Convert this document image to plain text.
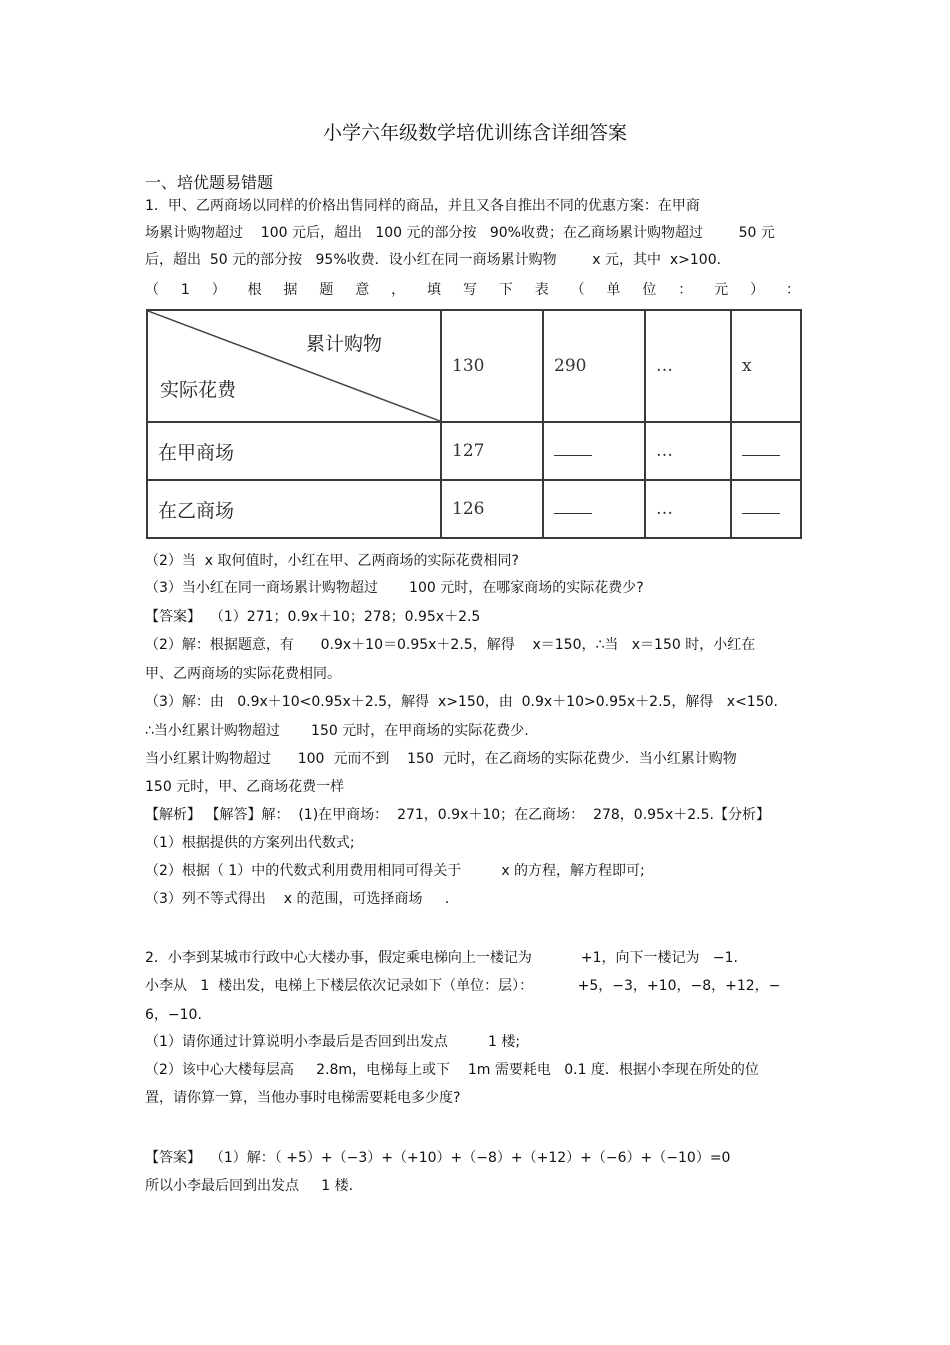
小学六年级数学培优训练含详细答案
一、培优题易错题
1．甲、乙两商场以同样的价格出售同样的商品，并且又各自推出不同的优惠方案：在甲商
场累计购物超过    100 元后，超出   100 元的部分按   90%收费；在乙商场累计购物超过        50 元
后，超出  50 元的部分按   95%收费．设小红在同一商场累计购物        x 元，其中  x>100.
（ 1 ） 根 据 题 意 ， 填 写 下 表 （ 单 位 ： 元 ） ：
累计购物
实际花费	130	290	…	x
在甲商场	127		…	
在乙商场	126		…	
（2）当  x 取何值时，小红在甲、乙两商场的实际花费相同?
（3）当小红在同一商场累计购物超过       100 元时，在哪家商场的实际花费少?
【答案】  （1）271；0.9x＋10；278；0.95x＋2.5
（2）解：根据题意，有      0.9x＋10＝0.95x＋2.5，解得    x＝150，∴当   x＝150 时，小红在
甲、乙两商场的实际花费相同。
（3）解：由   0.9x＋10<0.95x＋2.5，解得  x>150，由  0.9x＋10>0.95x＋2.5，解得   x<150.
∴当小红累计购物超过       150 元时，在甲商场的实际花费少.
当小红累计购物超过      100  元而不到    150  元时，在乙商场的实际花费少．当小红累计购物
150 元时，甲、乙商场花费一样
【解析】 【解答】解：  (1)在甲商场：  271，0.9x＋10；在乙商场：  278，0.95x＋2.5.【分析】
（1）根据提供的方案列出代数式;
（2）根据（ 1）中的代数式利用费用相同可得关于         x 的方程，解方程即可;
（3）列不等式得出    x 的范围，可选择商场     .
2．小李到某城市行政中心大楼办事，假定乘电梯向上一楼记为           +1，向下一楼记为   −1.
小李从   1  楼出发，电梯上下楼层依次记录如下（单位：层）：          +5，−3，+10，−8，+12，−
6，−10.
（1）请你通过计算说明小李最后是否回到出发点         1 楼;
（2）该中心大楼每层高     2.8m，电梯每上或下    1m 需要耗电   0.1 度．根据小李现在所处的位
置，请你算一算，当他办事时电梯需要耗电多少度?
【答案】  （1）解：（ +5）+（−3）+（+10）+（−8）+（+12）+（−6）+（−10）=0
所以小李最后回到出发点     1 楼.
